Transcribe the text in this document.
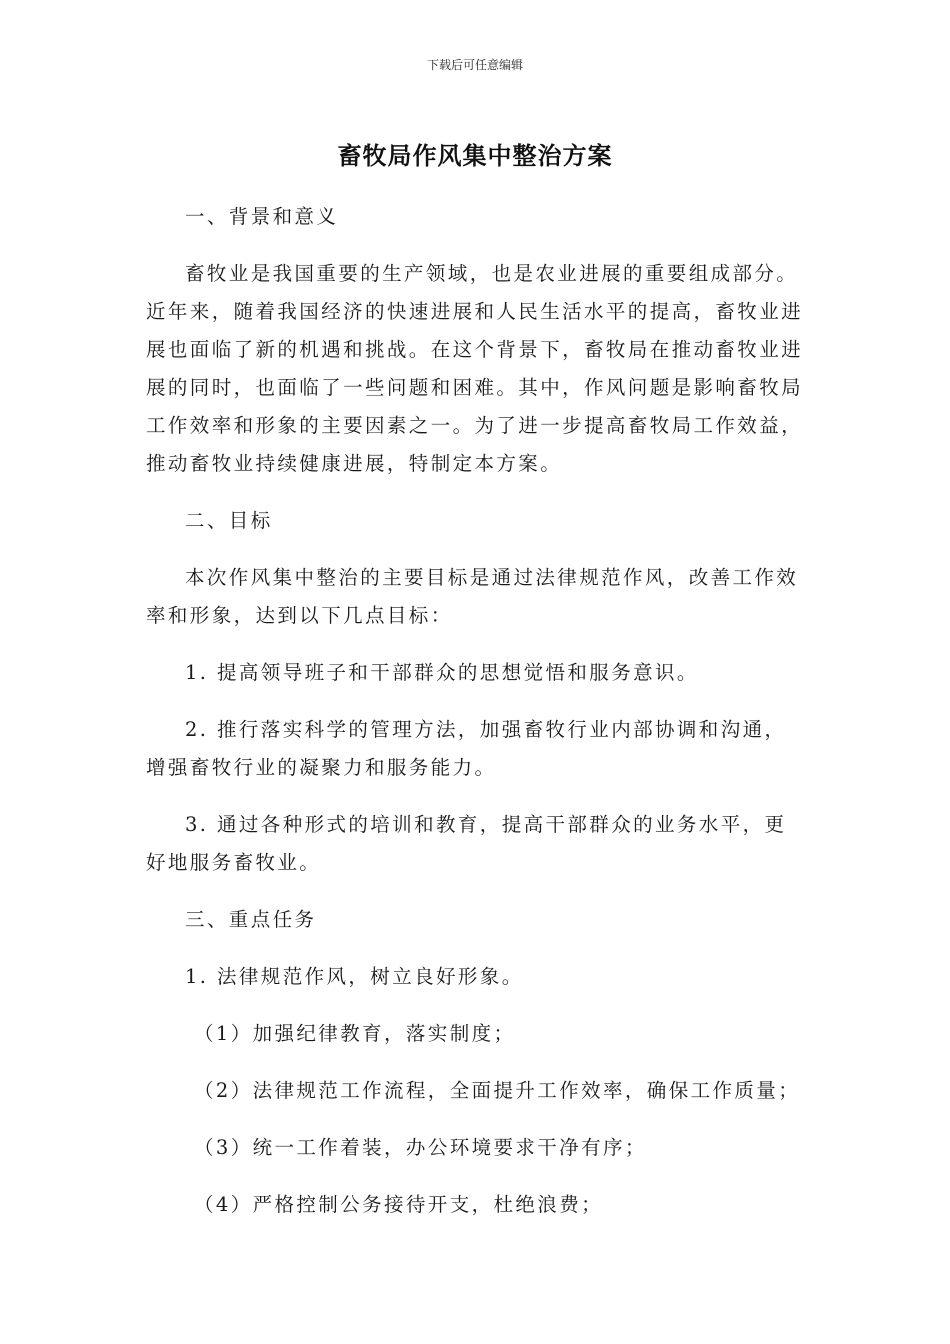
下载后可任意编辑
畜牧局作风集中整治方案

一、背景和意义

畜牧业是我国重要的生产领域，也是农业进展的重要组成部分。近年来，随着我国经济的快速进展和人民生活水平的提高，畜牧业进展也面临了新的机遇和挑战。在这个背景下，畜牧局在推动畜牧业进展的同时，也面临了一些问题和困难。其中，作风问题是影响畜牧局工作效率和形象的主要因素之一。为了进一步提高畜牧局工作效益，推动畜牧业持续健康进展，特制定本方案。

二、目标

本次作风集中整治的主要目标是通过法律规范作风，改善工作效率和形象，达到以下几点目标：

1. 提高领导班子和干部群众的思想觉悟和服务意识。

2. 推行落实科学的管理方法，加强畜牧行业内部协调和沟通，增强畜牧行业的凝聚力和服务能力。

3. 通过各种形式的培训和教育，提高干部群众的业务水平，更好地服务畜牧业。

三、重点任务

1. 法律规范作风，树立良好形象。

（1）加强纪律教育，落实制度；

（2）法律规范工作流程，全面提升工作效率，确保工作质量；

（3）统一工作着装，办公环境要求干净有序；

（4）严格控制公务接待开支，杜绝浪费；
